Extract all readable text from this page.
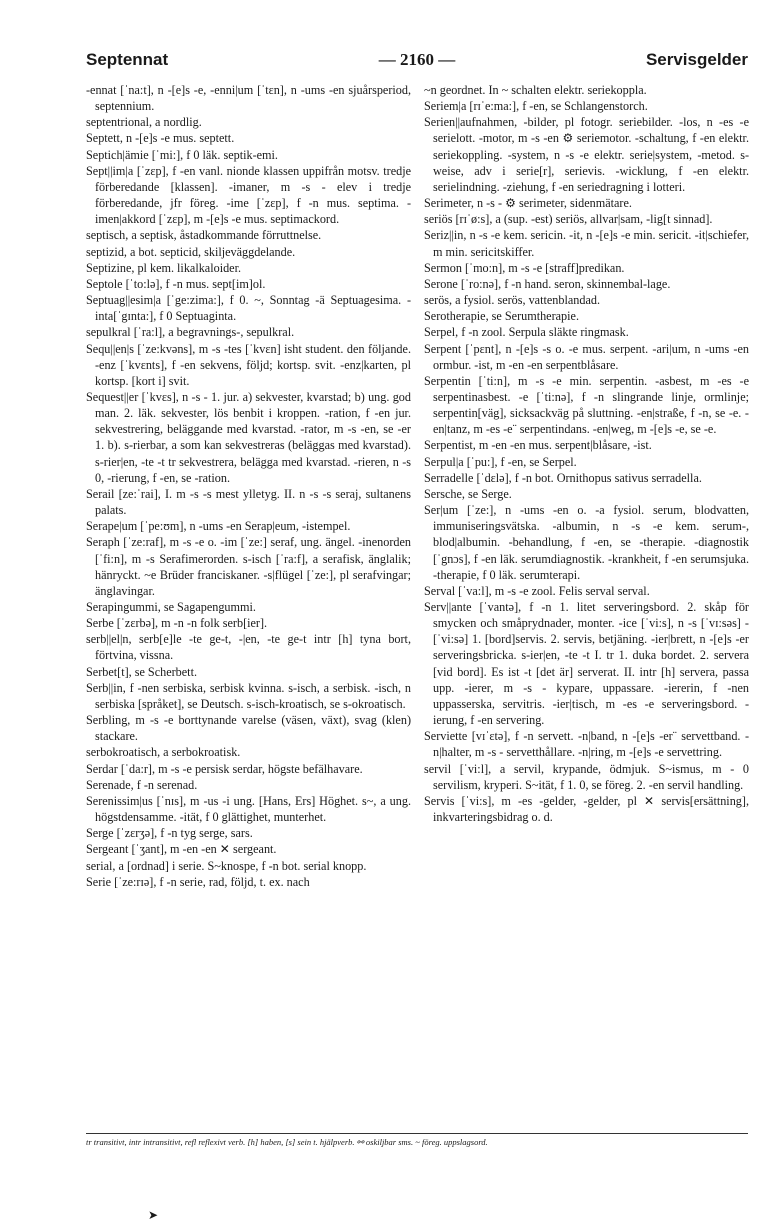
Septennat	— 2160 —	Servisgelder

-ennat [ˈna:t], n -[e]s -e, -enni|um [ˈtɛn], n -ums -en sjuårsperiod, septennium.

septentrional, a nordlig.

Septett, n -[e]s -e mus. septett.

Septich|ämie [ˈmi:], f 0 läk. septik-emi.

Sept||im|a [ˈzɛp], f -en vanl. nionde klassen uppifrån motsv. tredje förberedande [klassen]. -imaner, m -s - elev i tredje förberedande, jfr föreg. -ime [ˈzɛp], f -n mus. septima. -imen|akkord [ˈzɛp], m -[e]s -e mus. septimackord.

septisch, a septisk, åstadkommande förruttnelse.

septizid, a bot. septicid, skiljeväggdelande.

Septizine, pl kem. likalkaloider.

Septole [ˈto:lə], f -n mus. sept[im]ol.

Septuag||esim|a [ˈge:zima:], f 0. ~, Sonntag -ä Septuagesima. -inta[ˈgɪnta:], f 0 Septuaginta.

sepulkral [ˈra:l], a begravnings-, sepulkral.

Sequ||en|s [ˈze:kvəns], m -s -tes [ˈkvɛn] isht student. den följande. -enz [ˈkvɛnts], f -en sekvens, följd; kortsp. svit. -enz|karten, pl kortsp. [kort i] svit.

Sequest||er [ˈkvɛs], n -s - 1. jur. a) sekvester, kvarstad; b) ung. god man. 2. läk. sekvester, lös benbit i kroppen. -ration, f -en jur. sekvestrering, beläggande med kvarstad. -rator, m -s -en, se -er 1. b). s-rierbar, a som kan sekvestreras (beläggas med kvarstad). s-rier|en, -te -t tr sekvestrera, belägga med kvarstad. -rieren, n -s 0, -rierung, f -en, se -ration.

Serail [ze:ˈrai], I. m -s -s mest ylletyg. II. n -s -s seraj, sultanens palats.

Serape|um [ˈpe:ʊm], n -ums -en Serap|eum, -istempel.

Seraph [ˈze:raf], m -s -e o. -im [ˈze:] seraf, ung. ängel. -inenorden [ˈfi:n], m -s Serafimerorden. s-isch [ˈra:f], a serafisk, änglalik; hänryckt. ~e Brüder franciskaner. -s|flügel [ˈze:], pl serafvingar; änglavingar.

Serapingummi, se Sagapengummi.

Serbe [ˈzɛrbə], m -n -n folk serb[ier].

serb||el|n, serb[e]le -te ge-t, -|en, -te ge-t intr [h] tyna bort, förtvina, vissna.

Serbet[t], se Scherbett.

Serb||in, f -nen serbiska, serbisk kvinna. s-isch, a serbisk. -isch, n serbiska [språket], se Deutsch. s-isch-kroatisch, se s-okroatisch.

Serbling, m -s -e borttynande varelse (väsen, växt), svag (klen) stackare.

serbokroatisch, a serbokroatisk.

Serdar [ˈda:r], m -s -e persisk serdar, högste befälhavare.

Serenade, f -n serenad.

Serenissim|us [ˈnɪs], m -us -i ung. [Hans, Ers] Höghet. s~, a ung. högstdensamme. -ität, f 0 glättighet, munterhet.

Serge [ˈzɛrʒə], f -n tyg serge, sars.

Sergeant [ˈʒant], m -en -en ✕ sergeant.

serial, a [ordnad] i serie. S~knospe, f -n bot. serial knopp.

Serie [ˈze:rɪə], f -n serie, rad, följd, t. ex. nach

~n geordnet. In ~ schalten elektr. seriekoppla.

Seriem|a [rɪˈe:ma:], f -en, se Schlangenstorch.

Serien||aufnahmen, -bilder, pl fotogr. seriebilder. -los, n -es -e serielott. -motor, m -s -en ⚙ seriemotor. -schaltung, f -en elektr. seriekoppling. -system, n -s -e elektr. serie|system, -metod. s-weise, adv i serie[r], serievis. -wicklung, f -en elektr. serielindning. -ziehung, f -en seriedragning i lotteri.

Serimeter, n -s - ⚙ serimeter, sidenmätare.

seriös [rɪˈø:s], a (sup. -est) seriös, allvar|sam, -lig[t sinnad].

Seriz||in, n -s -e kem. sericin. -it, n -[e]s -e min. sericit. -it|schiefer, m min. sericitskiffer.

Sermon [ˈmo:n], m -s -e [straff]predikan.

Serone [ˈro:nə], f -n hand. seron, skinnembal-lage.

serös, a fysiol. serös, vattenblandad.

Serotherapie, se Serumtherapie.

Serpel, f -n zool. Serpula släkte ringmask.

Serpent [ˈpɛnt], n -[e]s -s o. -e mus. serpent. -ari|um, n -ums -en ormbur. -ist, m -en -en serpentblåsare.

Serpentin [ˈti:n], m -s -e min. serpentin. -asbest, m -es -e serpentinasbest. -e [ˈti:nə], f -n slingrande linje, ormlinje; serpentin[väg], sicksackväg på sluttning. -en|straße, f -n, se -e. -en|tanz, m -es -e¨ serpentindans. -en|weg, m -[e]s -e, se -e.

Serpentist, m -en -en mus. serpent|blåsare, -ist.

Serpul|a [ˈpu:], f -en, se Serpel.

Serradelle [ˈdɛlə], f -n bot. Ornithopus sativus serradella.

Sersche, se Serge.

Ser|um [ˈze:], n -ums -en o. -a fysiol. serum, blodvatten, immuniseringsvätska. -albumin, n -s -e kem. serum-, blod|albumin. -behandlung, f -en, se -therapie. -diagnostik [ˈgnɔs], f -en läk. serumdiagnostik. -krankheit, f -en serumsjuka. -therapie, f 0 läk. serumterapi.

Serval [ˈva:l], m -s -e zool. Felis serval serval.

Serv||ante [ˈvantə], f -n 1. litet serveringsbord. 2. skåp för smycken och småprydnader, monter. -ice [ˈvi:s], n -s [ˈvɪ:səs] - [ˈvi:sə] 1. [bord]servis. 2. servis, betjäning. -ier|brett, n -[e]s -er serveringsbricka. s-ier|en, -te -t I. tr 1. duka bordet. 2. servera [vid bord]. Es ist -t [det är] serverat. II. intr [h] servera, passa upp. -ierer, m -s - kypare, uppassare. -iererin, f -nen uppasserska, servitris. -ier|tisch, m -es -e serveringsbord. -ierung, f -en servering.

Serviette [vɪˈɛtə], f -n servett. -n|band, n -[e]s -er¨ servettband. -n|halter, m -s - servetthållare. -n|ring, m -[e]s -e servettring.

servil [ˈvi:l], a servil, krypande, ödmjuk. S~ismus, m - 0 servilism, kryperi. S~ität, f 1. 0, se föreg. 2. -en servil handling.

Servis [ˈvi:s], m -es -gelder, -gelder, pl ✕ servis[ersättning], inkvarteringsbidrag o. d.

tr transitivt, intr intransitivt, refl reflexivt verb. [h] haben, [s] sein t. hjälpverb. ⚯ oskiljbar sms. ~ föreg. uppslagsord.
➤
